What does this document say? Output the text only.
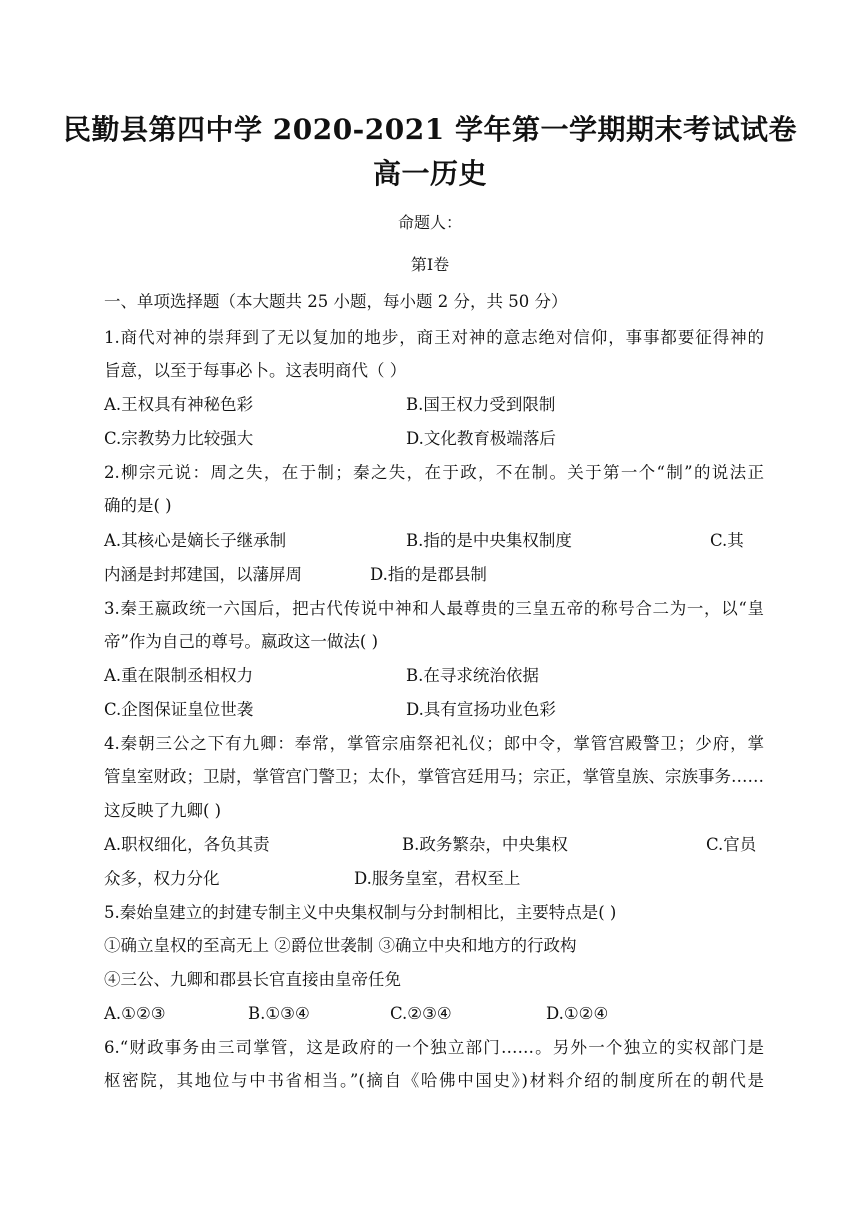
民勤县第四中学 2020-2021 学年第一学期期末考试试卷
高一历史
命题人：
第Ⅰ卷
一、单项选择题（本大题共 25 小题，每小题 2 分，共 50 分）
1.商代对神的崇拜到了无以复加的地步，商王对神的意志绝对信仰，事事都要征得神的
旨意，以至于每事必卜。这表明商代（ ）
A.王权具有神秘色彩	B.国王权力受到限制
C.宗教势力比较强大	D.文化教育极端落后
2.柳宗元说：周之失，在于制；秦之失，在于政，不在制。关于第一个“制”的说法正
确的是( )
A.其核心是嫡长子继承制	B.指的是中央集权制度	C.其
内涵是封邦建国，以藩屏周	D.指的是郡县制
3.秦王嬴政统一六国后，把古代传说中神和人最尊贵的三皇五帝的称号合二为一，以“皇
帝”作为自己的尊号。嬴政这一做法( )
A.重在限制丞相权力	B.在寻求统治依据
C.企图保证皇位世袭	D.具有宣扬功业色彩
4.秦朝三公之下有九卿：奉常，掌管宗庙祭祀礼仪；郎中令，掌管宫殿警卫；少府，掌
管皇室财政；卫尉，掌管宫门警卫；太仆，掌管宫廷用马；宗正，掌管皇族、宗族事务……
这反映了九卿( )
A.职权细化，各负其责	B.政务繁杂，中央集权	C.官员
众多，权力分化	D.服务皇室，君权至上
5.秦始皇建立的封建专制主义中央集权制与分封制相比，主要特点是( )
①确立皇权的至高无上 ②爵位世袭制 ③确立中央和地方的行政构
④三公、九卿和郡县长官直接由皇帝任免
A.①②③	B.①③④	C.②③④	D.①②④
6.“财政事务由三司掌管，这是政府的一个独立部门……。另外一个独立的实权部门是
枢密院，其地位与中书省相当。”(摘自《哈佛中国史》)材料介绍的制度所在的朝代是
